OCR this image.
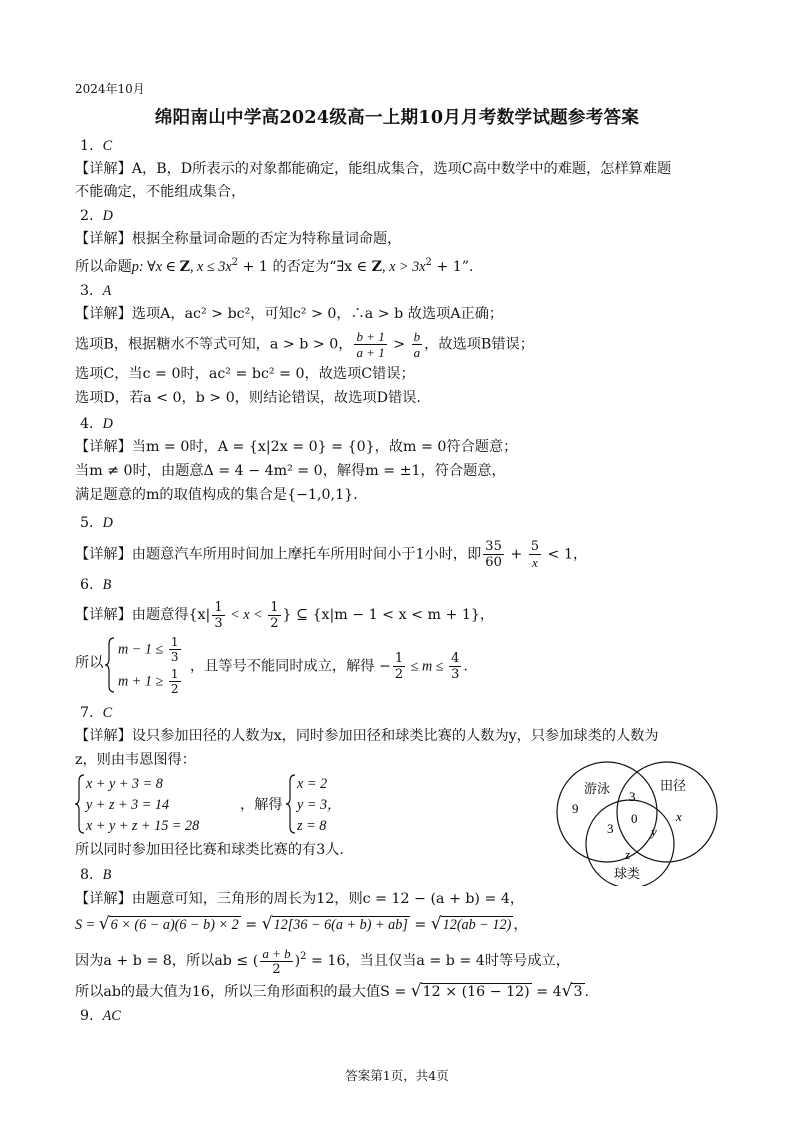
2024年10月
绵阳南山中学高2024级高一上期10月月考数学试题参考答案
1. C
【详解】A，B，D所表示的对象都能确定，能组成集合，选项C高中数学中的难题，怎样算难题
不能确定，不能组成集合，
2. D
【详解】根据全称量词命题的否定为特称量词命题，
所以命题p: ∀x ∈ Z, $x \le 3x^2 + 1$ 的否定为“∃x ∈ Z, $x > 3x^2 + 1$”.
3. A
【详解】选项A，ac² > bc²，可知c² > 0，∴a > b 故选项A正确；
选项B，根据糖水不等式可知，a > b > 0， $\frac{b + 1}{a + 1} > \frac{b}{a}$ ，故选项B错误；
选项C，当c = 0时，ac² = bc² = 0，故选项C错误；
选项D，若a < 0，b > 0，则结论错误，故选项D错误.
4. D
【详解】当m = 0时，A = {x|2x = 0} = {0}，故m = 0符合题意；
当m ≠ 0时，由题意Δ = 4 − 4m² = 0，解得m = ±1，符合题意，
满足题意的m的取值构成的集合是{−1,0,1}.
5. D
【详解】由题意汽车所用时间加上摩托车所用时间小于1小时，即 $\frac{35}{60} + \frac{5}{x} < 1$，
6. B
【详解】由题意得{$x| \frac{1}{3} < x < \frac{1}{2}$ } ⊆ {x|m − 1 < x < m + 1}，
所以
$m - 1 \le \frac{1}{3}$
$m + 1 \ge \frac{1}{2}$
，且等号不能同时成立，解得 − $\frac{1}{2} \le m \le \frac{4}{3}$ .
7. C
【详解】设只参加田径的人数为x，同时参加田径和球类比赛的人数为y，只参加球类的人数为
z，则由韦恩图得：
x + y + 3 = 8
y + z + 3 = 14
x + y + z + 15 = 28
，解得
x = 2
y = 3，
z = 8
所以同时参加田径比赛和球类比赛的有3人.
游泳	田径
球类
9
3
3
0	x
y
z
8. B
【详解】由题意可知，三角形的周长为12，则c = 12 − (a + b) = 4，
S = √6 × (6 − a)(6 − b) × 2 = √12[36 − 6(a + b) + ab] = √12(ab − 12) ，
因为a + b = 8，所以ab ≤ ( $\frac{a + b}{2} )^2 = 16$，当且仅当a = b = 4时等号成立，
所以ab的最大值为16，所以三角形面积的最大值S = √12 × (16 − 12) = 4√3 .
9. AC
答案第1页，共4页
